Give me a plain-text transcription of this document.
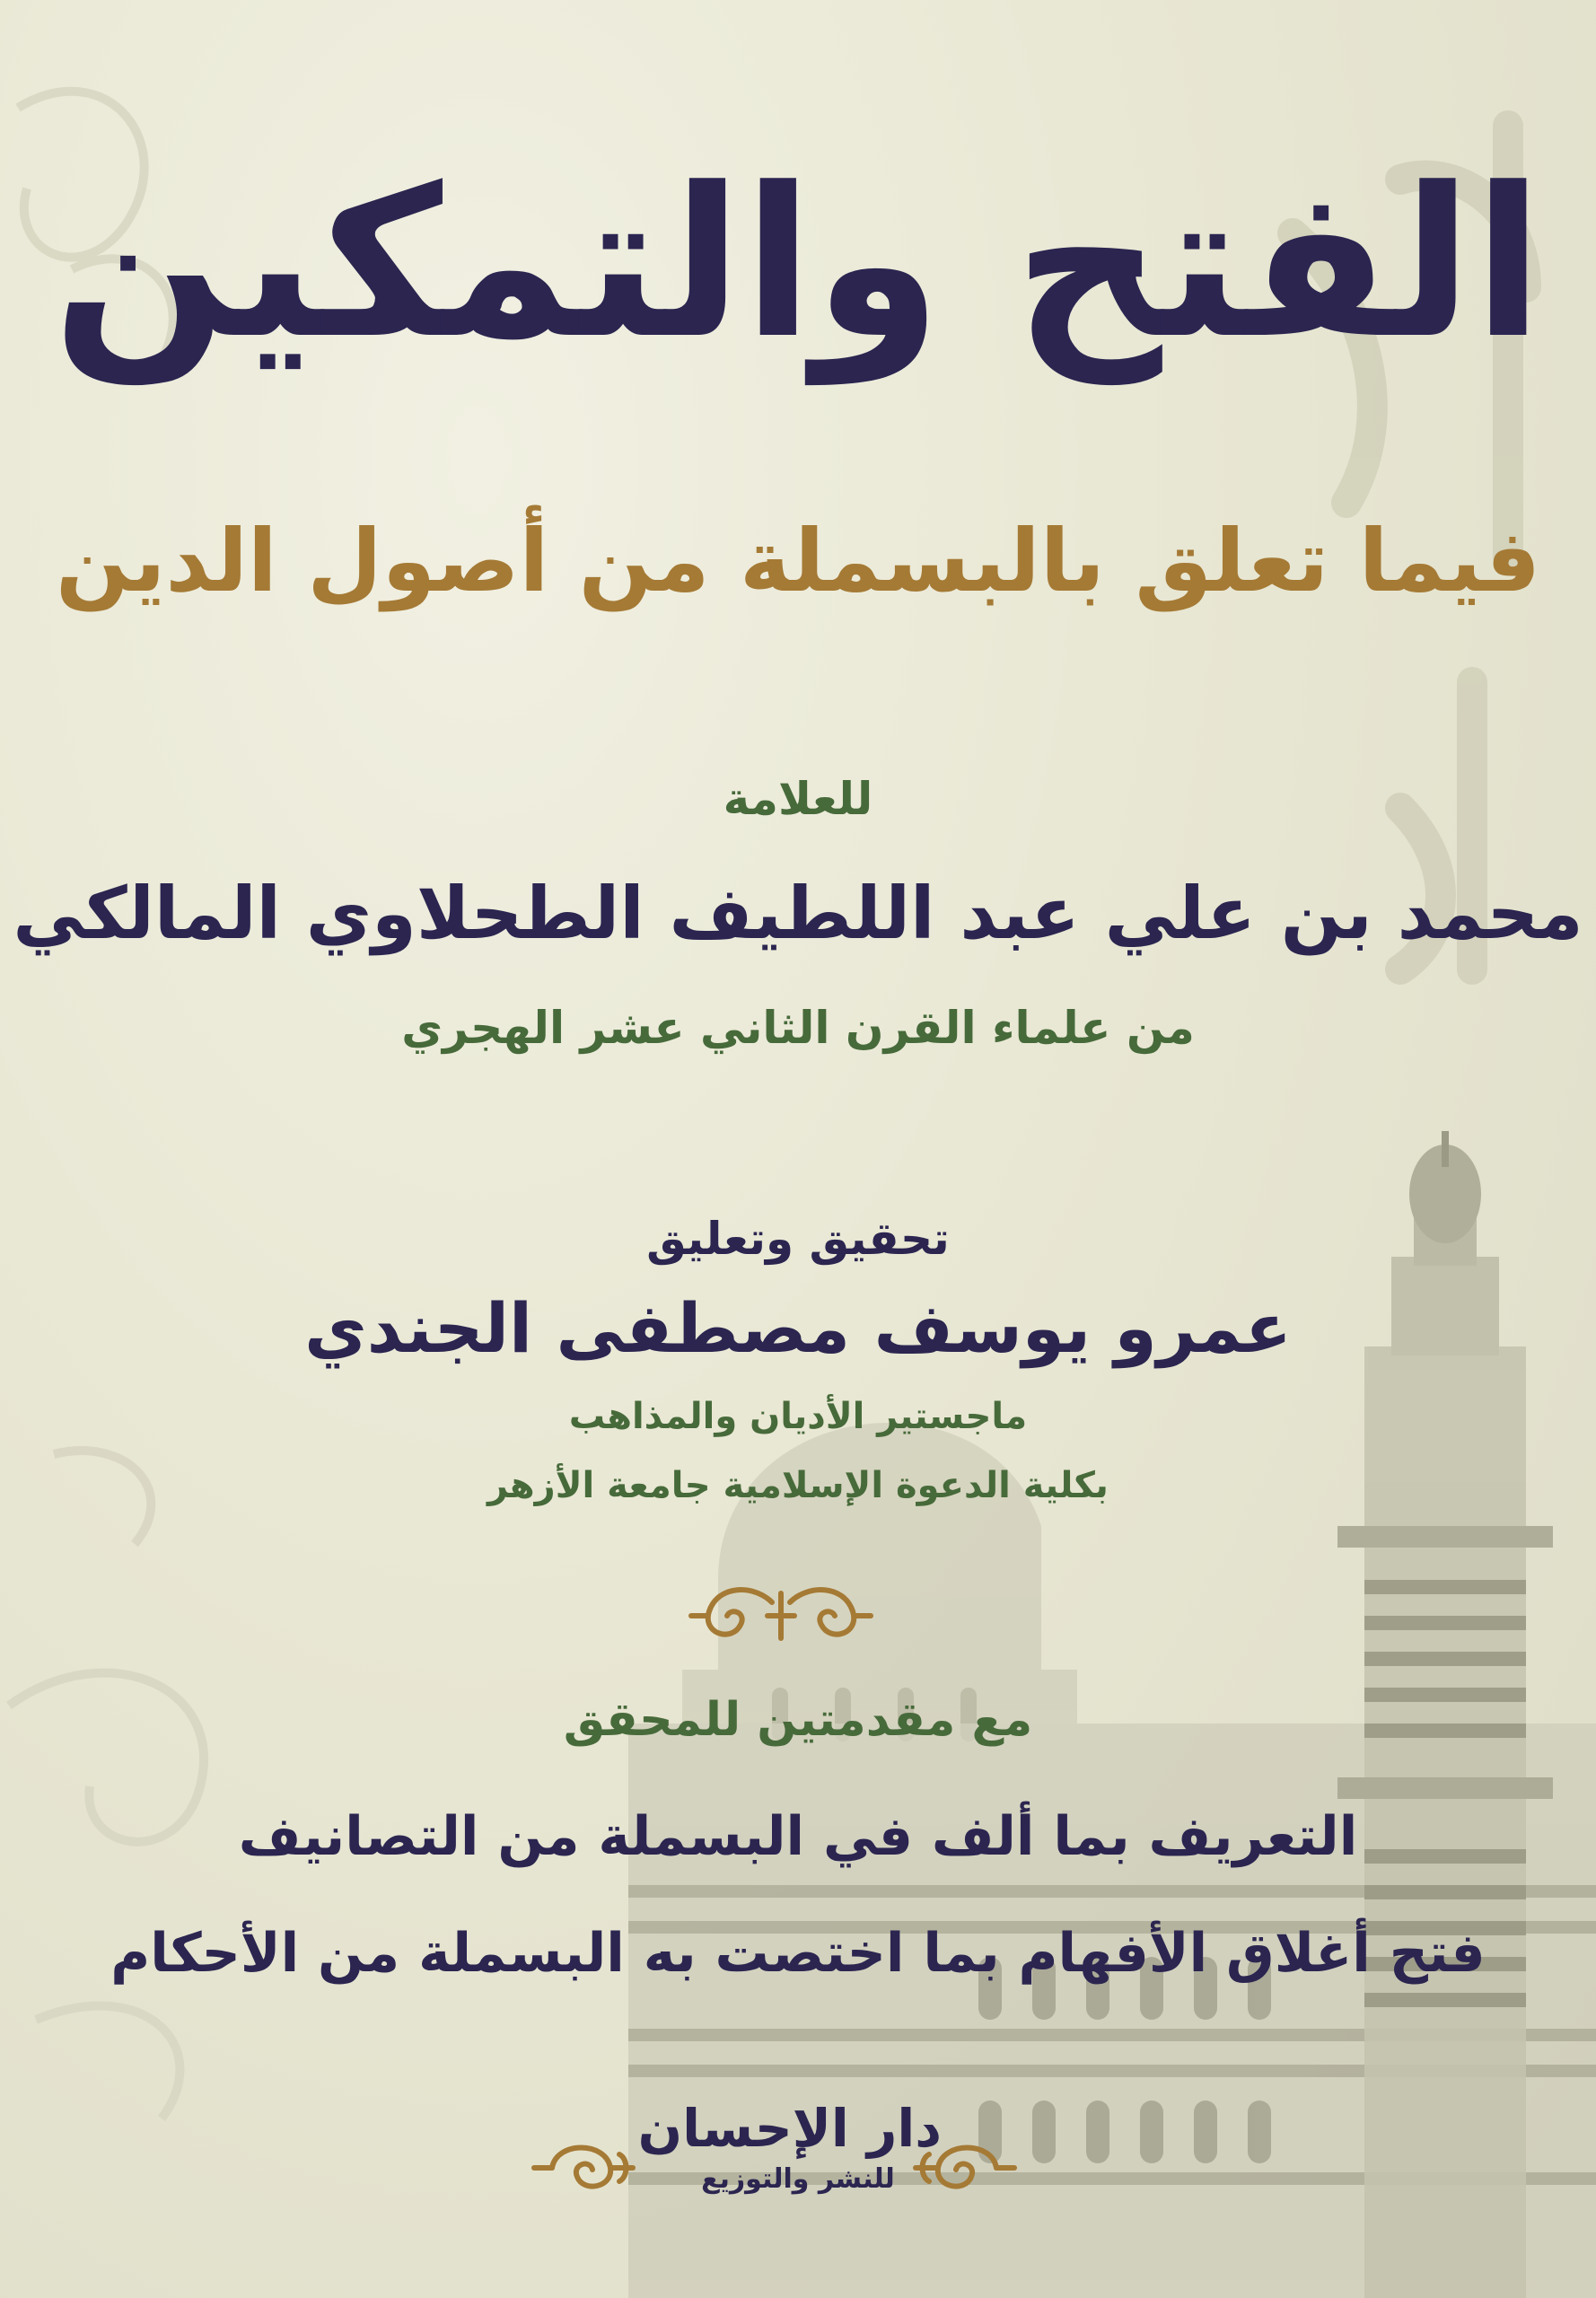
الفتح والتمكين
فيما تعلق بالبسملة من أصول الدين
للعلامة
محمد بن علي عبد اللطيف الطحلاوي المالكي
من علماء القرن الثاني عشر الهجري
تحقيق وتعليق
عمرو يوسف مصطفى الجندي
ماجستير الأديان والمذاهب
بكلية الدعوة الإسلامية جامعة الأزهر
مع مقدمتين للمحقق
التعريف بما ألف في البسملة من التصانيف
فتح أغلاق الأفهام بما اختصت به البسملة من الأحكام
دار الإحسان
للنشر والتوزيع
